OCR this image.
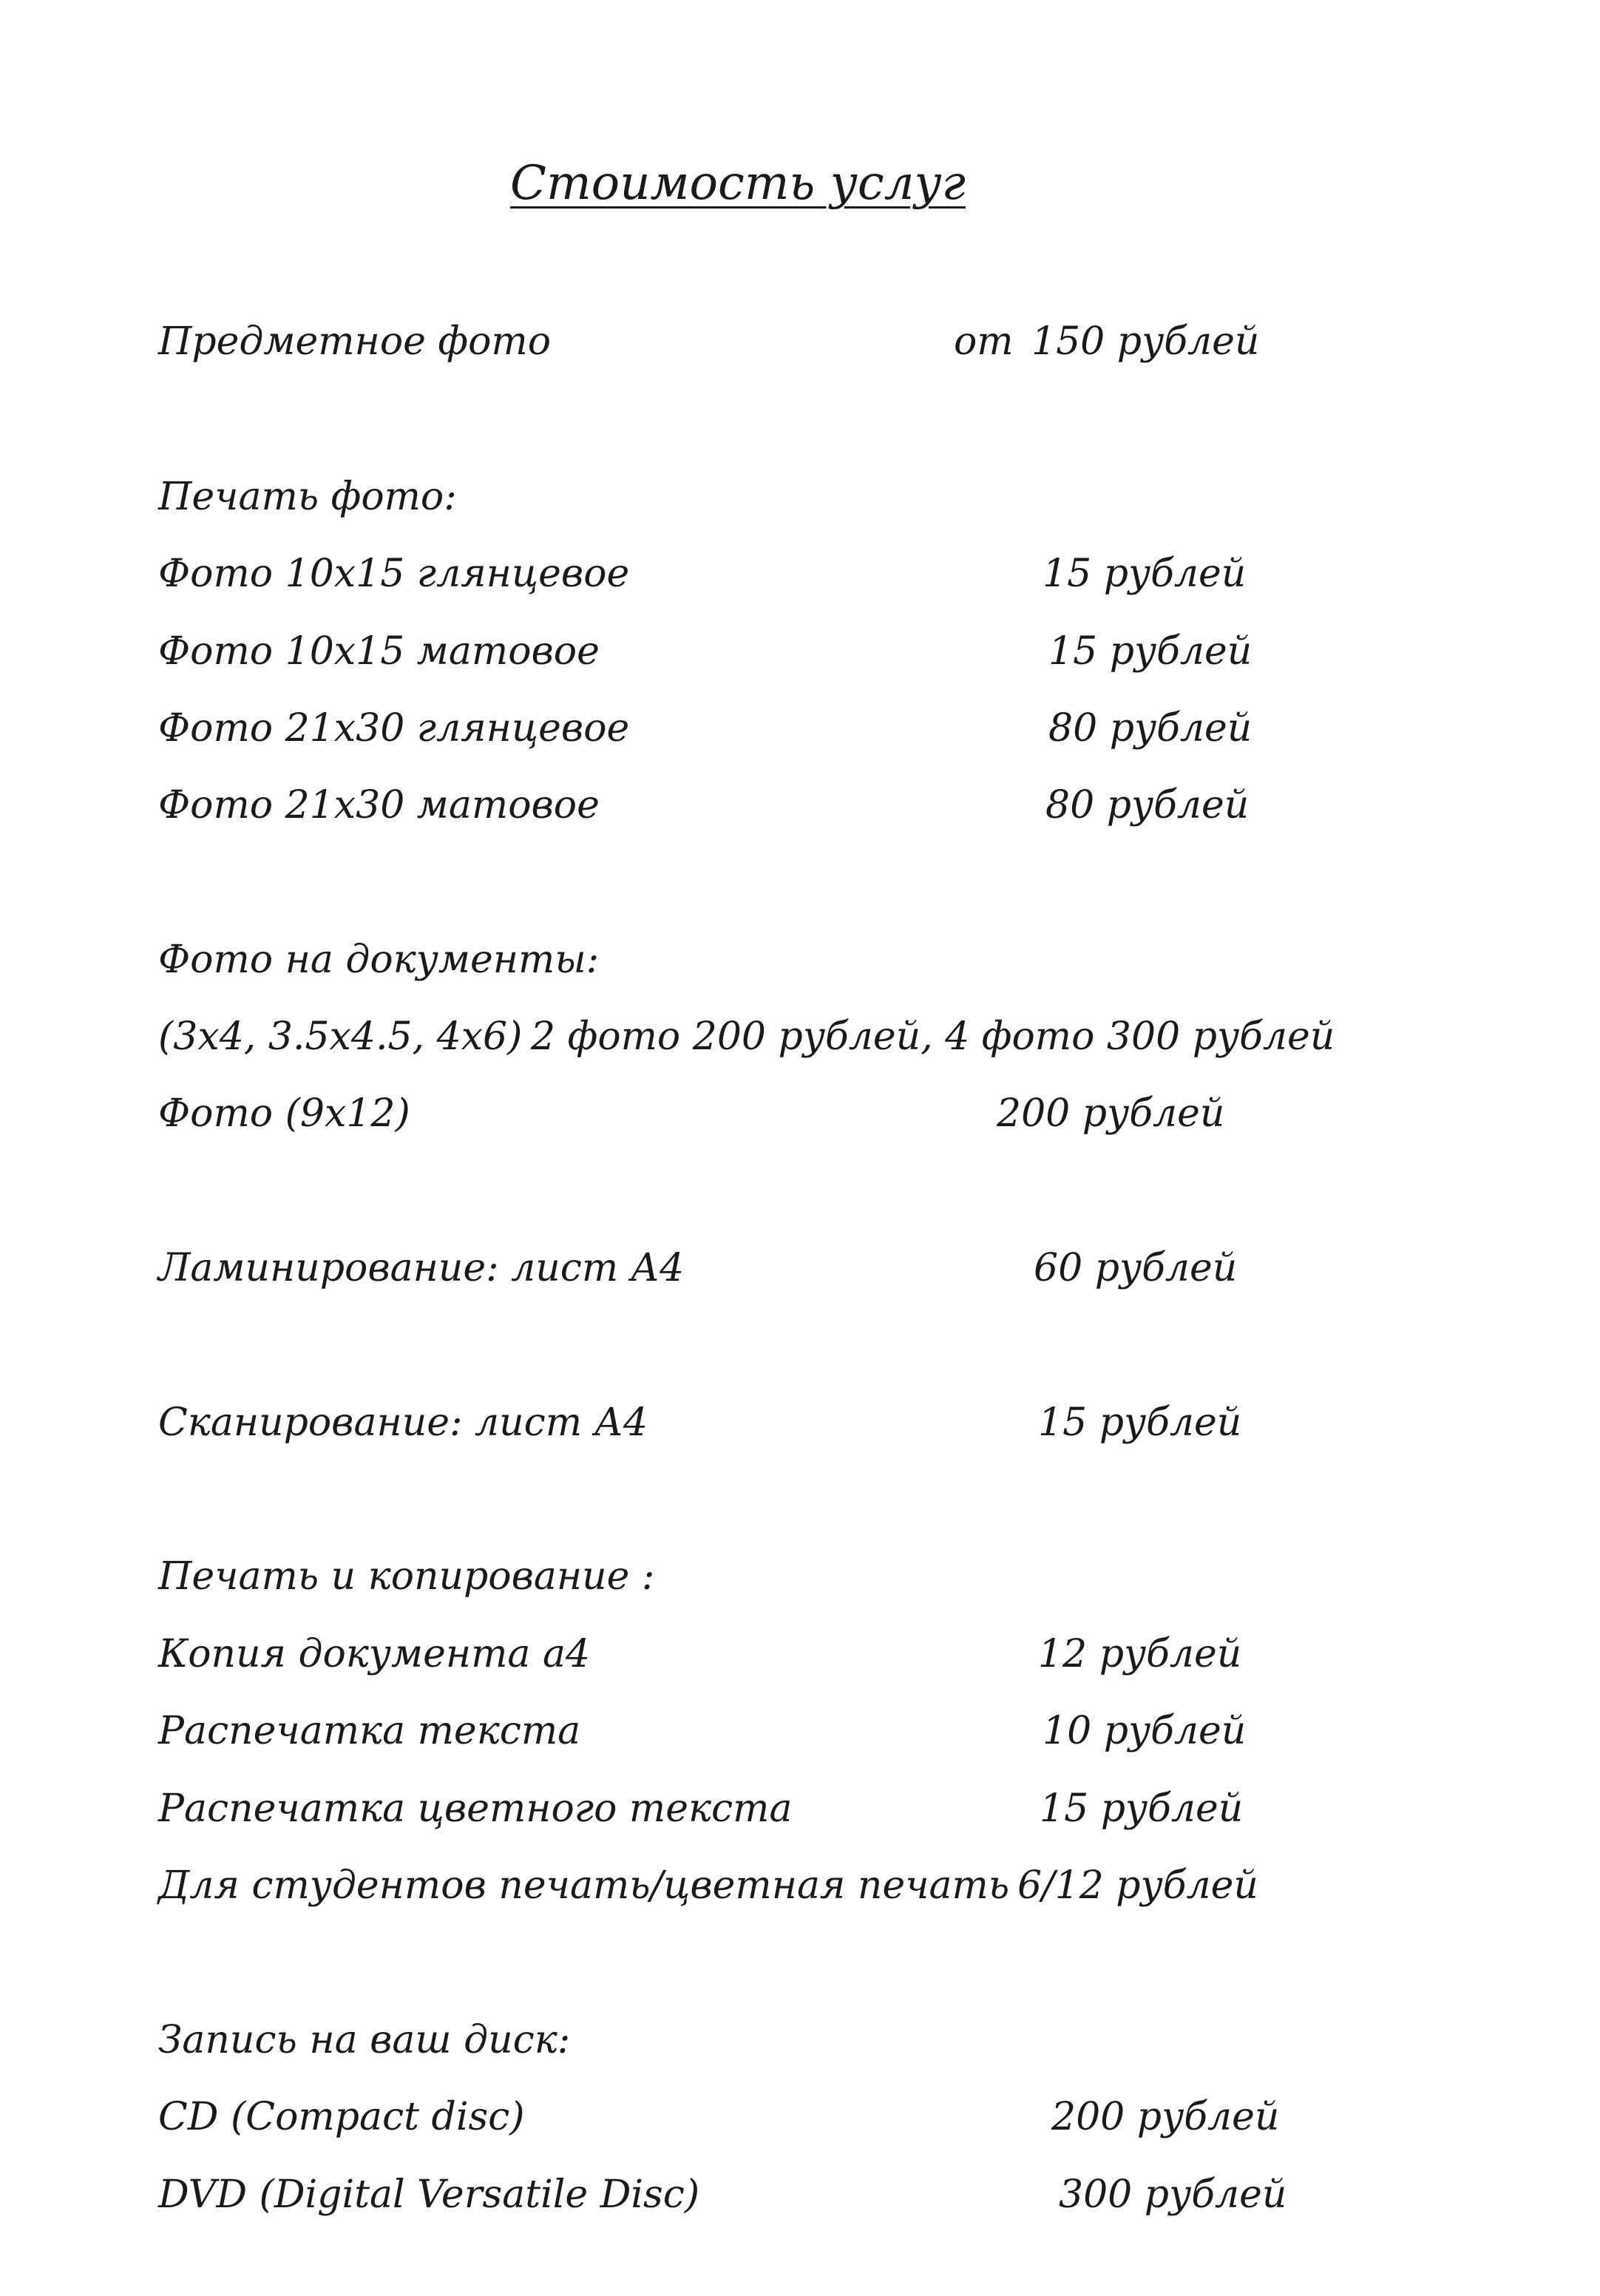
Стоимость услуг
Предметное фото	от 150 рублей
Печать фото:
Фото 10х15 глянцевое	15 рублей
Фото 10х15 матовое	15 рублей
Фото 21х30 глянцевое	80 рублей
Фото 21х30 матовое	80 рублей
Фото на документы:
(3х4, 3.5х4.5, 4х6) 2 фото 200 рублей, 4 фото 300 рублей
Фото (9х12)	200 рублей
Ламинирование: лист А4	60 рублей
Сканирование: лист А4	15 рублей
Печать и копирование :
Копия документа а4	12 рублей
Распечатка текста	10 рублей
Распечатка цветного текста	15 рублей
Для студентов печать/цветная печать 6/12 рублей
Запись на ваш диск:
CD (Compact disc)	200 рублей
DVD (Digital Versatile Disc)	300 рублей
